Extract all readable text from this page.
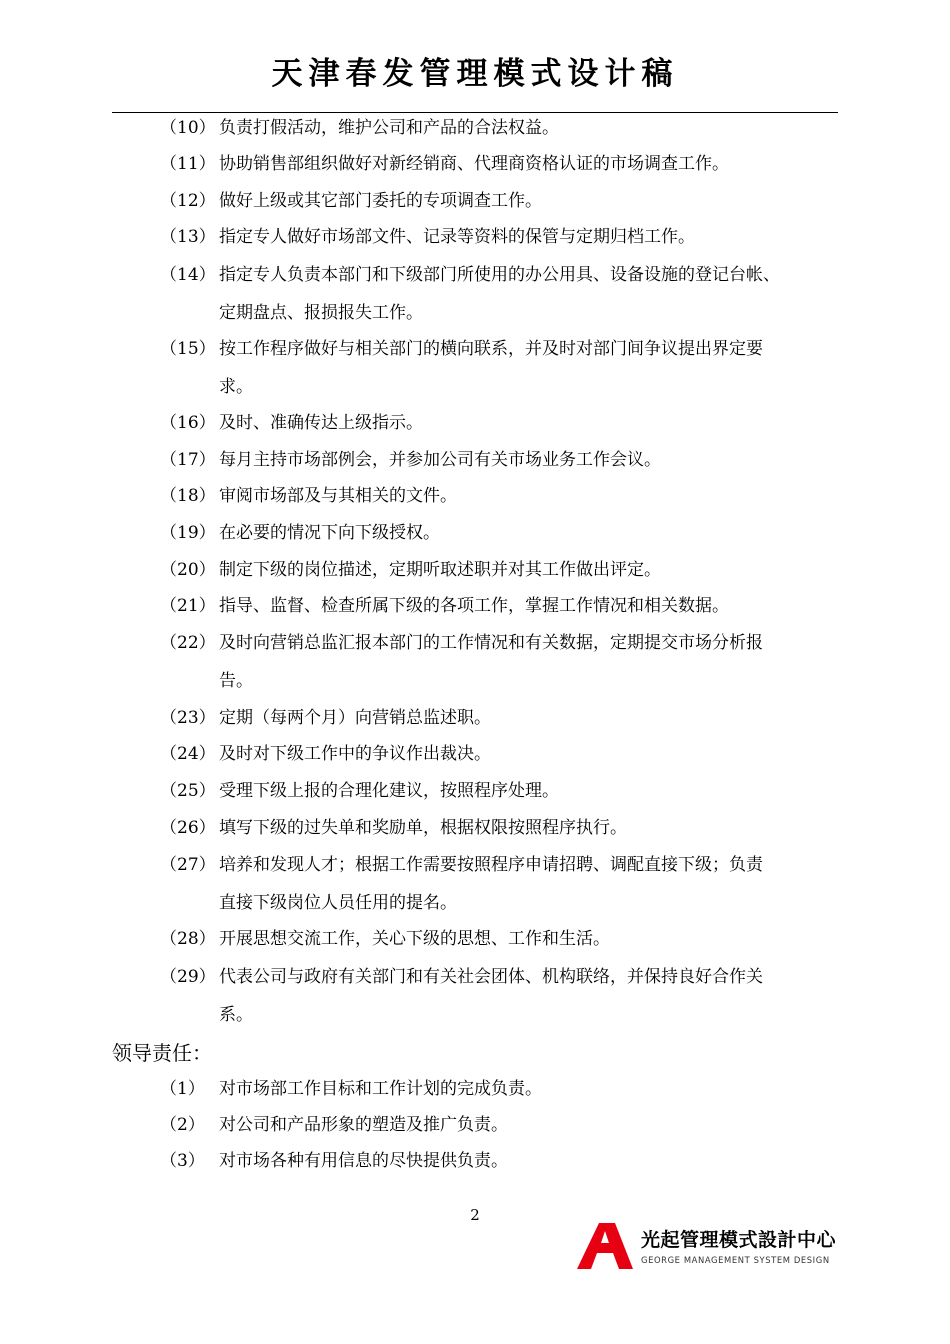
天津春发管理模式设计稿
（10） 负责打假活动，维护公司和产品的合法权益。
（11） 协助销售部组织做好对新经销商、代理商资格认证的市场调查工作。
（12） 做好上级或其它部门委托的专项调查工作。
（13） 指定专人做好市场部文件、记录等资料的保管与定期归档工作。
（14） 指定专人负责本部门和下级部门所使用的办公用具、设备设施的登记台帐、
定期盘点、报损报失工作。
（15） 按工作程序做好与相关部门的横向联系，并及时对部门间争议提出界定要
求。
（16） 及时、准确传达上级指示。
（17） 每月主持市场部例会，并参加公司有关市场业务工作会议。
（18） 审阅市场部及与其相关的文件。
（19） 在必要的情况下向下级授权。
（20） 制定下级的岗位描述，定期听取述职并对其工作做出评定。
（21） 指导、监督、检查所属下级的各项工作，掌握工作情况和相关数据。
（22） 及时向营销总监汇报本部门的工作情况和有关数据，定期提交市场分析报
告。
（23） 定期（每两个月）向营销总监述职。
（24） 及时对下级工作中的争议作出裁决。
（25） 受理下级上报的合理化建议，按照程序处理。
（26） 填写下级的过失单和奖励单，根据权限按照程序执行。
（27） 培养和发现人才；根据工作需要按照程序申请招聘、调配直接下级；负责
直接下级岗位人员任用的提名。
（28） 开展思想交流工作，关心下级的思想、工作和生活。
（29） 代表公司与政府有关部门和有关社会团体、机构联络，并保持良好合作关
系。
领导责任：
（1） 对市场部工作目标和工作计划的完成负责。
（2） 对公司和产品形象的塑造及推广负责。
（3） 对市场各种有用信息的尽快提供负责。
2
光起管理模式設計中心
GEORGE MANAGEMENT SYSTEM DESIGN
